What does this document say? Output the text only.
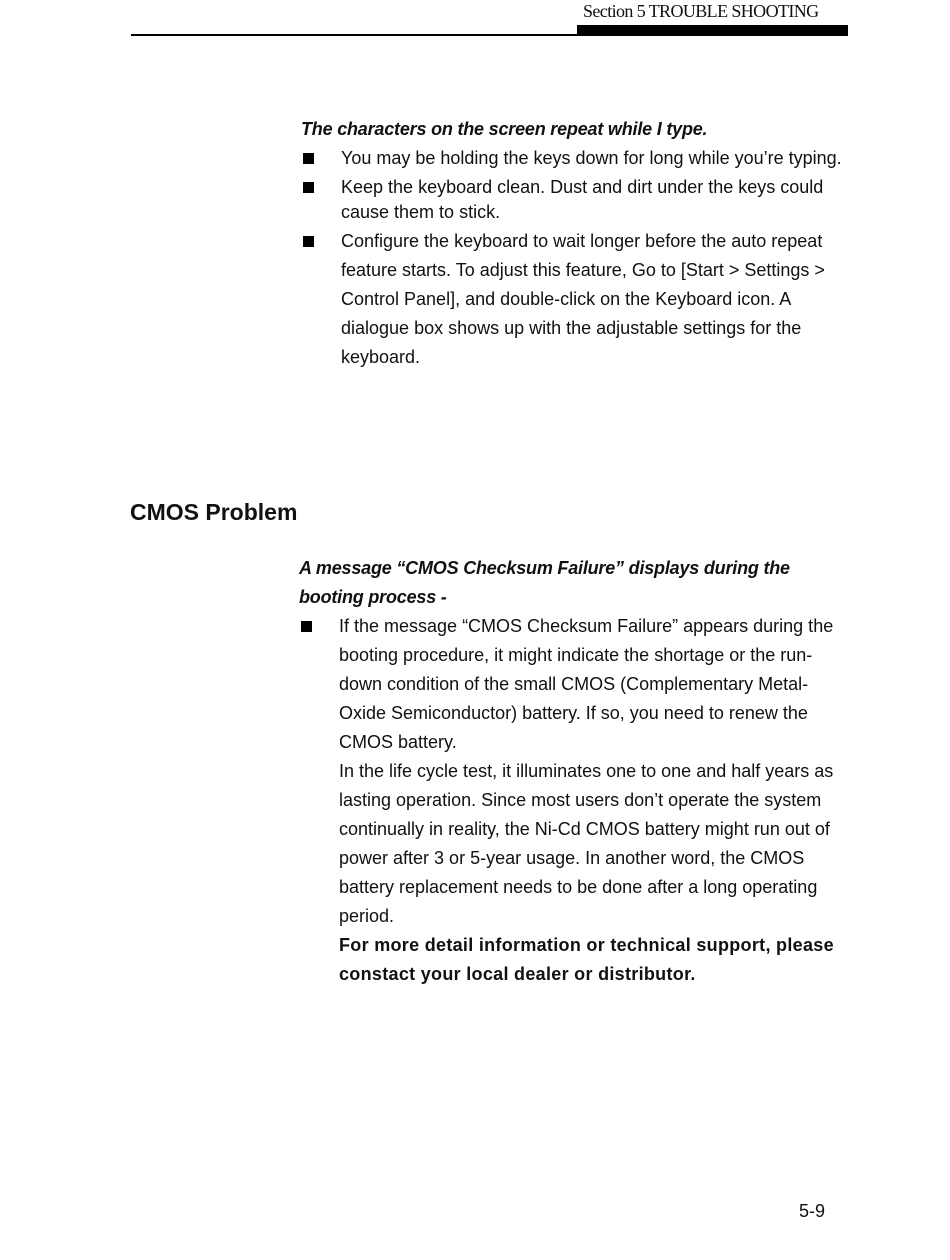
Section 5 TROUBLE SHOOTING
The characters on the screen repeat while I type.
You may be holding the keys down for long while you’re typing.
Keep the keyboard clean. Dust and dirt under the keys could cause them to stick.
Configure the keyboard to wait longer before the auto repeat feature starts. To adjust this feature, Go to [Start > Settings > Control Panel], and double-click on the Keyboard icon. A dialogue box shows up with the adjustable settings for the keyboard.
CMOS Problem
A message “CMOS Checksum Failure” displays during the booting process -
If the message “CMOS Checksum Failure” appears during the booting procedure, it might indicate the shortage or the run-down condition of the small CMOS (Complementary Metal-Oxide Semiconductor) battery. If so, you need to renew the CMOS battery.
In the life cycle test, it illuminates one to one and half years as lasting operation. Since most users don’t operate the system continually in reality, the Ni-Cd CMOS battery might run out of power after 3 or 5-year usage. In another word, the CMOS battery replacement needs to be done after a long operating period.
For more detail information or technical support, please constact your local dealer or distributor.
5-9
